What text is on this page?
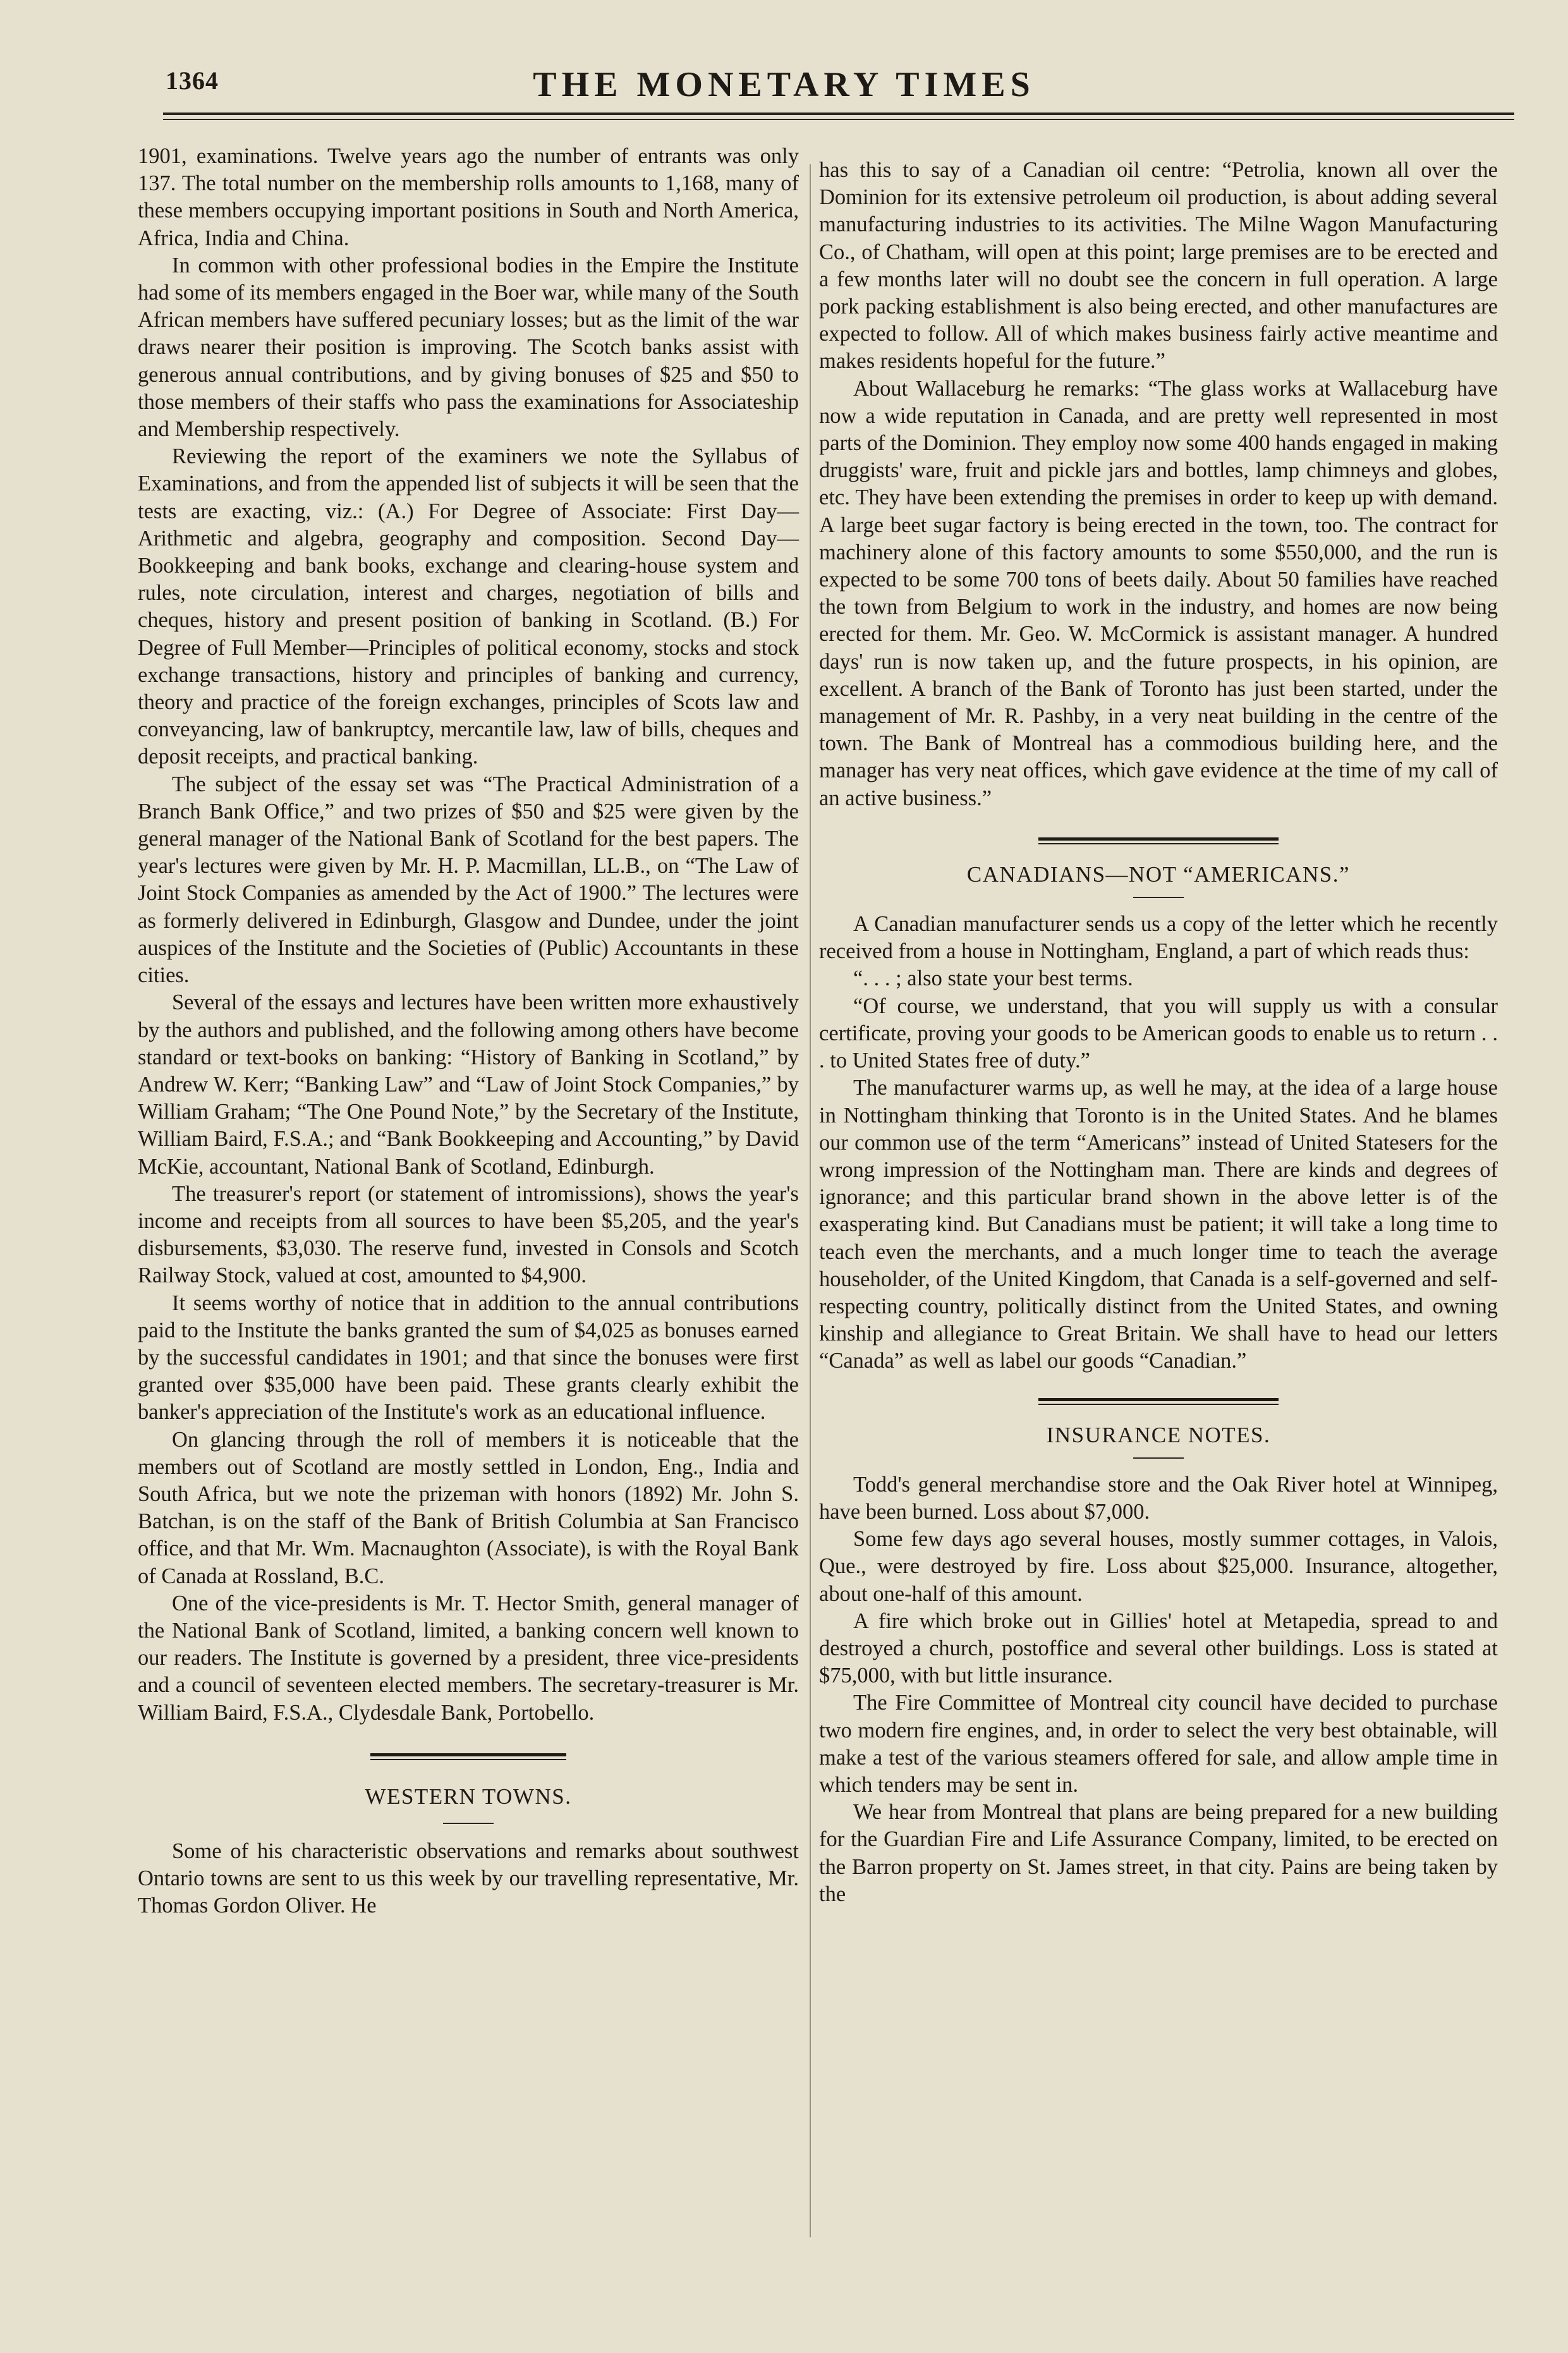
1364	THE MONETARY TIMES

1901, examinations. Twelve years ago the number of entrants was only 137. The total number on the membership rolls amounts to 1,168, many of these members occupying important positions in South and North America, Africa, India and China.

In common with other professional bodies in the Empire the Institute had some of its members engaged in the Boer war, while many of the South African members have suffered pecuniary losses; but as the limit of the war draws nearer their position is improving. The Scotch banks assist with generous annual contributions, and by giving bonuses of $25 and $50 to those members of their staffs who pass the examinations for Associateship and Membership respectively.

Reviewing the report of the examiners we note the Syllabus of Examinations, and from the appended list of subjects it will be seen that the tests are exacting, viz.: (A.) For Degree of Associate: First Day—Arithmetic and algebra, geography and composition. Second Day—Bookkeeping and bank books, exchange and clearing-house system and rules, note circulation, interest and charges, negotiation of bills and cheques, history and present position of banking in Scotland. (B.) For Degree of Full Member—Principles of political economy, stocks and stock exchange transactions, history and principles of banking and currency, theory and practice of the foreign exchanges, principles of Scots law and conveyancing, law of bankruptcy, mercantile law, law of bills, cheques and deposit receipts, and practical banking.

The subject of the essay set was “The Practical Administration of a Branch Bank Office,” and two prizes of $50 and $25 were given by the general manager of the National Bank of Scotland for the best papers. The year's lectures were given by Mr. H. P. Macmillan, LL.B., on “The Law of Joint Stock Companies as amended by the Act of 1900.” The lectures were as formerly delivered in Edinburgh, Glasgow and Dundee, under the joint auspices of the Institute and the Societies of (Public) Accountants in these cities.

Several of the essays and lectures have been written more exhaustively by the authors and published, and the following among others have become standard or text-books on banking: “History of Banking in Scotland,” by Andrew W. Kerr; “Banking Law” and “Law of Joint Stock Companies,” by William Graham; “The One Pound Note,” by the Secretary of the Institute, William Baird, F.S.A.; and “Bank Bookkeeping and Accounting,” by David McKie, accountant, National Bank of Scotland, Edinburgh.

The treasurer's report (or statement of intromissions), shows the year's income and receipts from all sources to have been $5,205, and the year's disbursements, $3,030. The reserve fund, invested in Consols and Scotch Railway Stock, valued at cost, amounted to $4,900.

It seems worthy of notice that in addition to the annual contributions paid to the Institute the banks granted the sum of $4,025 as bonuses earned by the successful candidates in 1901; and that since the bonuses were first granted over $35,000 have been paid. These grants clearly exhibit the banker's appreciation of the Institute's work as an educational influence.

On glancing through the roll of members it is noticeable that the members out of Scotland are mostly settled in London, Eng., India and South Africa, but we note the prizeman with honors (1892) Mr. John S. Batchan, is on the staff of the Bank of British Columbia at San Francisco office, and that Mr. Wm. Macnaughton (Associate), is with the Royal Bank of Canada at Rossland, B.C.

One of the vice-presidents is Mr. T. Hector Smith, general manager of the National Bank of Scotland, limited, a banking concern well known to our readers. The Institute is governed by a president, three vice-presidents and a council of seventeen elected members. The secretary-treasurer is Mr. William Baird, F.S.A., Clydesdale Bank, Portobello.

WESTERN TOWNS.

Some of his characteristic observations and remarks about southwest Ontario towns are sent to us this week by our travelling representative, Mr. Thomas Gordon Oliver. He

has this to say of a Canadian oil centre: “Petrolia, known all over the Dominion for its extensive petroleum oil production, is about adding several manufacturing industries to its activities. The Milne Wagon Manufacturing Co., of Chatham, will open at this point; large premises are to be erected and a few months later will no doubt see the concern in full operation. A large pork packing establishment is also being erected, and other manufactures are expected to follow. All of which makes business fairly active meantime and makes residents hopeful for the future.”

About Wallaceburg he remarks: “The glass works at Wallaceburg have now a wide reputation in Canada, and are pretty well represented in most parts of the Dominion. They employ now some 400 hands engaged in making druggists' ware, fruit and pickle jars and bottles, lamp chimneys and globes, etc. They have been extending the premises in order to keep up with demand. A large beet sugar factory is being erected in the town, too. The contract for machinery alone of this factory amounts to some $550,000, and the run is expected to be some 700 tons of beets daily. About 50 families have reached the town from Belgium to work in the industry, and homes are now being erected for them. Mr. Geo. W. McCormick is assistant manager. A hundred days' run is now taken up, and the future prospects, in his opinion, are excellent. A branch of the Bank of Toronto has just been started, under the management of Mr. R. Pashby, in a very neat building in the centre of the town. The Bank of Montreal has a commodious building here, and the manager has very neat offices, which gave evidence at the time of my call of an active business.”

CANADIANS—NOT “AMERICANS.”

A Canadian manufacturer sends us a copy of the letter which he recently received from a house in Nottingham, England, a part of which reads thus:

“. . . ; also state your best terms.

“Of course, we understand, that you will supply us with a consular certificate, proving your goods to be American goods to enable us to return . . . to United States free of duty.”

The manufacturer warms up, as well he may, at the idea of a large house in Nottingham thinking that Toronto is in the United States. And he blames our common use of the term “Americans” instead of United Statesers for the wrong impression of the Nottingham man. There are kinds and degrees of ignorance; and this particular brand shown in the above letter is of the exasperating kind. But Canadians must be patient; it will take a long time to teach even the merchants, and a much longer time to teach the average householder, of the United Kingdom, that Canada is a self-governed and self-respecting country, politically distinct from the United States, and owning kinship and allegiance to Great Britain. We shall have to head our letters “Canada” as well as label our goods “Canadian.”

INSURANCE NOTES.

Todd's general merchandise store and the Oak River hotel at Winnipeg, have been burned. Loss about $7,000.

Some few days ago several houses, mostly summer cottages, in Valois, Que., were destroyed by fire. Loss about $25,000. Insurance, altogether, about one-half of this amount.

A fire which broke out in Gillies' hotel at Metapedia, spread to and destroyed a church, postoffice and several other buildings. Loss is stated at $75,000, with but little insurance.

The Fire Committee of Montreal city council have decided to purchase two modern fire engines, and, in order to select the very best obtainable, will make a test of the various steamers offered for sale, and allow ample time in which tenders may be sent in.

We hear from Montreal that plans are being prepared for a new building for the Guardian Fire and Life Assurance Company, limited, to be erected on the Barron property on St. James street, in that city. Pains are being taken by the
